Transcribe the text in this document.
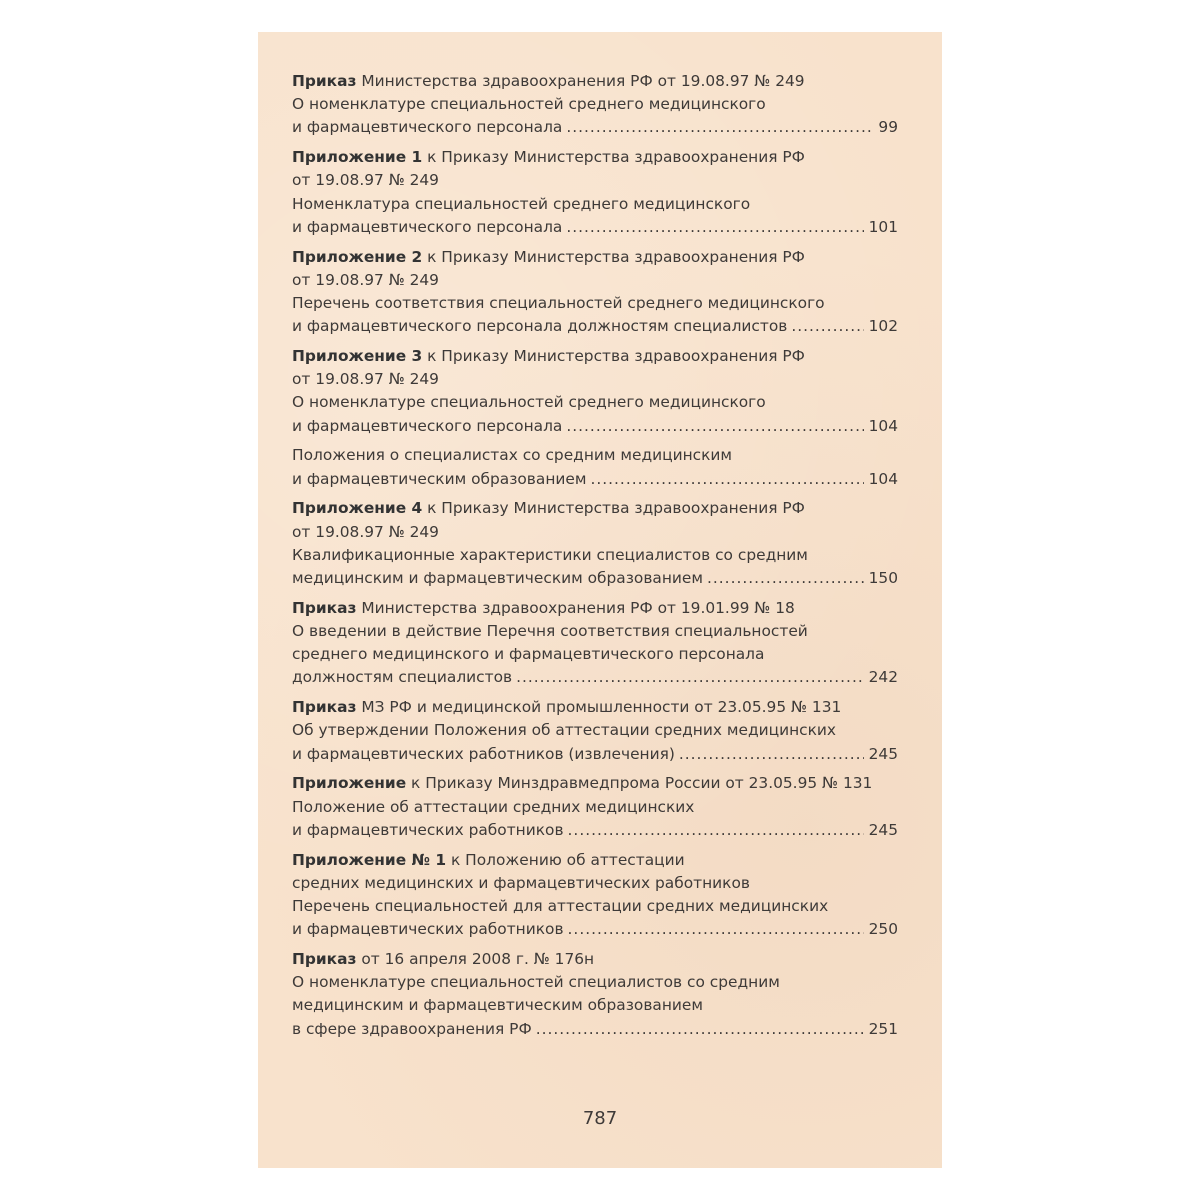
Приказ Министерства здравоохранения РФ от 19.08.97 № 249
О номенклатуре специальностей среднего медицинского
и фармацевтического персонала .....	99
Приложение 1 к Приказу Министерства здравоохранения РФ
от 19.08.97 № 249
Номенклатура специальностей среднего медицинского
и фармацевтического персонала .....	101
Приложение 2 к Приказу Министерства здравоохранения РФ
от 19.08.97 № 249
Перечень соответствия специальностей среднего медицинского
и фармацевтического персонала должностям специалистов .....	102
Приложение 3 к Приказу Министерства здравоохранения РФ
от 19.08.97 № 249
О номенклатуре специальностей среднего медицинского
и фармацевтического персонала .....	104
Положения о специалистах со средним медицинским
и фармацевтическим образованием .....	104
Приложение 4 к Приказу Министерства здравоохранения РФ
от 19.08.97 № 249
Квалификационные характеристики специалистов со средним
медицинским и фармацевтическим образованием .....	150
Приказ Министерства здравоохранения РФ от 19.01.99 № 18
О введении в действие Перечня соответствия специальностей
среднего медицинского и фармацевтического персонала
должностям специалистов .....	242
Приказ МЗ РФ и медицинской промышленности от 23.05.95 № 131
Об утверждении Положения об аттестации средних медицинских
и фармацевтических работников (извлечения) .....	245
Приложение к Приказу Минздравмедпрома России от 23.05.95 № 131
Положение об аттестации средних медицинских
и фармацевтических работников .....	245
Приложение № 1 к Положению об аттестации
средних медицинских и фармацевтических работников
Перечень специальностей для аттестации средних медицинских
и фармацевтических работников .....	250
Приказ от 16 апреля 2008 г. № 176н
О номенклатуре специальностей специалистов со средним
медицинским и фармацевтическим образованием
в сфере здравоохранения РФ .....	251
787
